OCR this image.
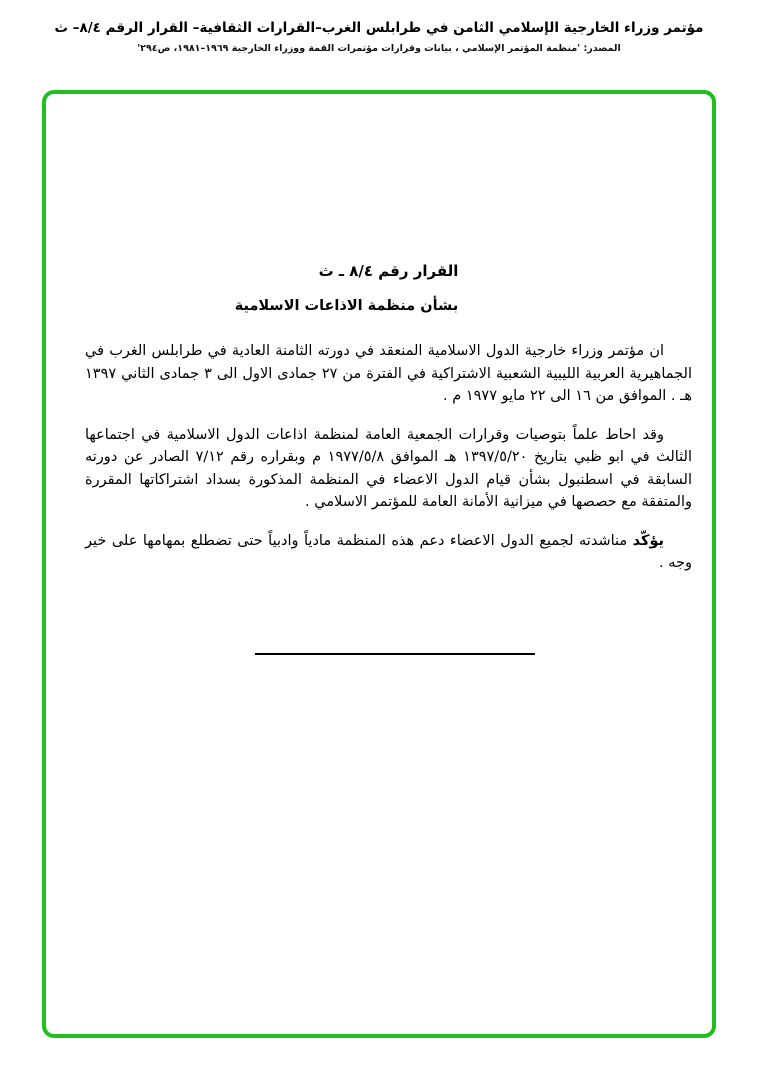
مؤتمر وزراء الخارجية الإسلامي الثامن في طرابلس الغرب–القرارات الثقافية– القرار الرقم ٨/٤– ث
المصدر: 'منظمة المؤتمر الإسلامي ، بيانات وقرارات مؤتمرات القمة ووزراء الخارجية ١٩٦٩–١٩٨١، ص٢٩٤'
القرار رقم ٨/٤ ـ ث
بشأن منظمة الاذاعات الاسلامية

ان مؤتمر وزراء خارجية الدول الاسلامية المنعقد في دورته الثامنة العادية في طرابلس الغرب في الجماهيرية العربية الليبية الشعبية الاشتراكية في الفترة من ٢٧ جمادى الاول الى ٣ جمادى الثاني ١٣٩٧ هـ . الموافق من ١٦ الى ٢٢ مايو ١٩٧٧ م .

وقد احاط علماً بتوصيات وقرارات الجمعية العامة لمنظمة اذاعات الدول الاسلامية في اجتماعها الثالث في ابو ظبي بتاريخ ١٣٩٧/٥/٢٠ هـ الموافق ١٩٧٧/٥/٨ م وبقراره رقم ٧/١٢ الصادر عن دورته السابقة في اسطنبول بشأن قيام الدول الاعضاء في المنظمة المذكورة بسداد اشتراكاتها المقررة والمتفقة مع حصصها في ميزانية الأمانة العامة للمؤتمر الاسلامي .

يؤكّد مناشدته لجميع الدول الاعضاء دعم هذه المنظمة مادياً وادبياً حتى تضطلع بمهامها على خير وجه .
